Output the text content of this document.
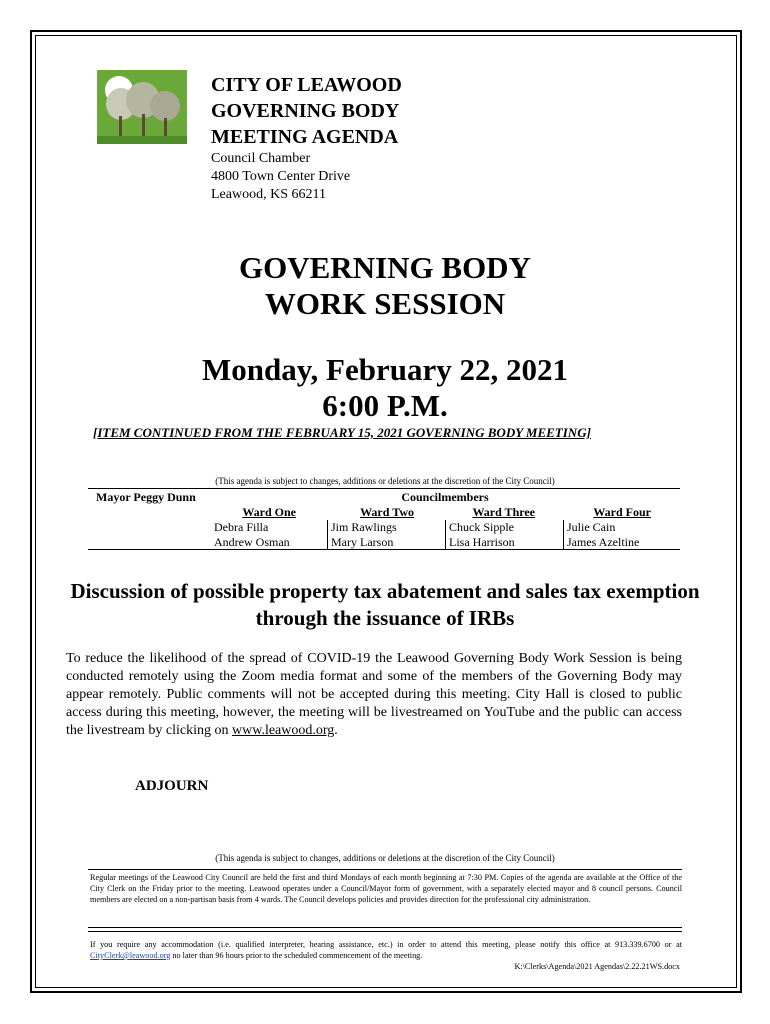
CITY OF LEAWOOD
GOVERNING BODY
MEETING AGENDA
Council Chamber
4800 Town Center Drive
Leawood, KS 66211
GOVERNING BODY
WORK SESSION
Monday, February 22, 2021
6:00 P.M.
[ITEM CONTINUED FROM THE FEBRUARY 15, 2021 GOVERNING BODY MEETING]
(This agenda is subject to changes, additions or deletions at the discretion of the City Council)
Mayor Peggy Dunn	Councilmembers
Ward One
Debra Filla
Andrew Osman
Ward Two
Jim Rawlings
Mary Larson
Ward Three
Chuck Sipple
Lisa Harrison
Ward Four
Julie Cain
James Azeltine
Discussion of possible property tax abatement and sales tax exemption through the issuance of IRBs
To reduce the likelihood of the spread of COVID-19 the Leawood Governing Body Work Session is being conducted remotely using the Zoom media format and some of the members of the Governing Body may appear remotely. Public comments will not be accepted during this meeting. City Hall is closed to public access during this meeting, however, the meeting will be livestreamed on YouTube and the public can access the livestream by clicking on www.leawood.org.
ADJOURN
(This agenda is subject to changes, additions or deletions at the discretion of the City Council)
Regular meetings of the Leawood City Council are held the first and third Mondays of each month beginning at 7:30 PM. Copies of the agenda are available at the Office of the City Clerk on the Friday prior to the meeting. Leawood operates under a Council/Mayor form of government, with a separately elected mayor and 8 council persons. Council members are elected on a non-partisan basis from 4 wards. The Council develops policies and provides direction for the professional city administration.
If you require any accommodation (i.e. qualified interpreter, hearing assistance, etc.) in order to attend this meeting, please notify this office at 913.339.6700 or at CityClerk@leawood.org no later than 96 hours prior to the scheduled commencement of the meeting.
K:\Clerks\Agenda\2021 Agendas\2.22.21WS.docx
